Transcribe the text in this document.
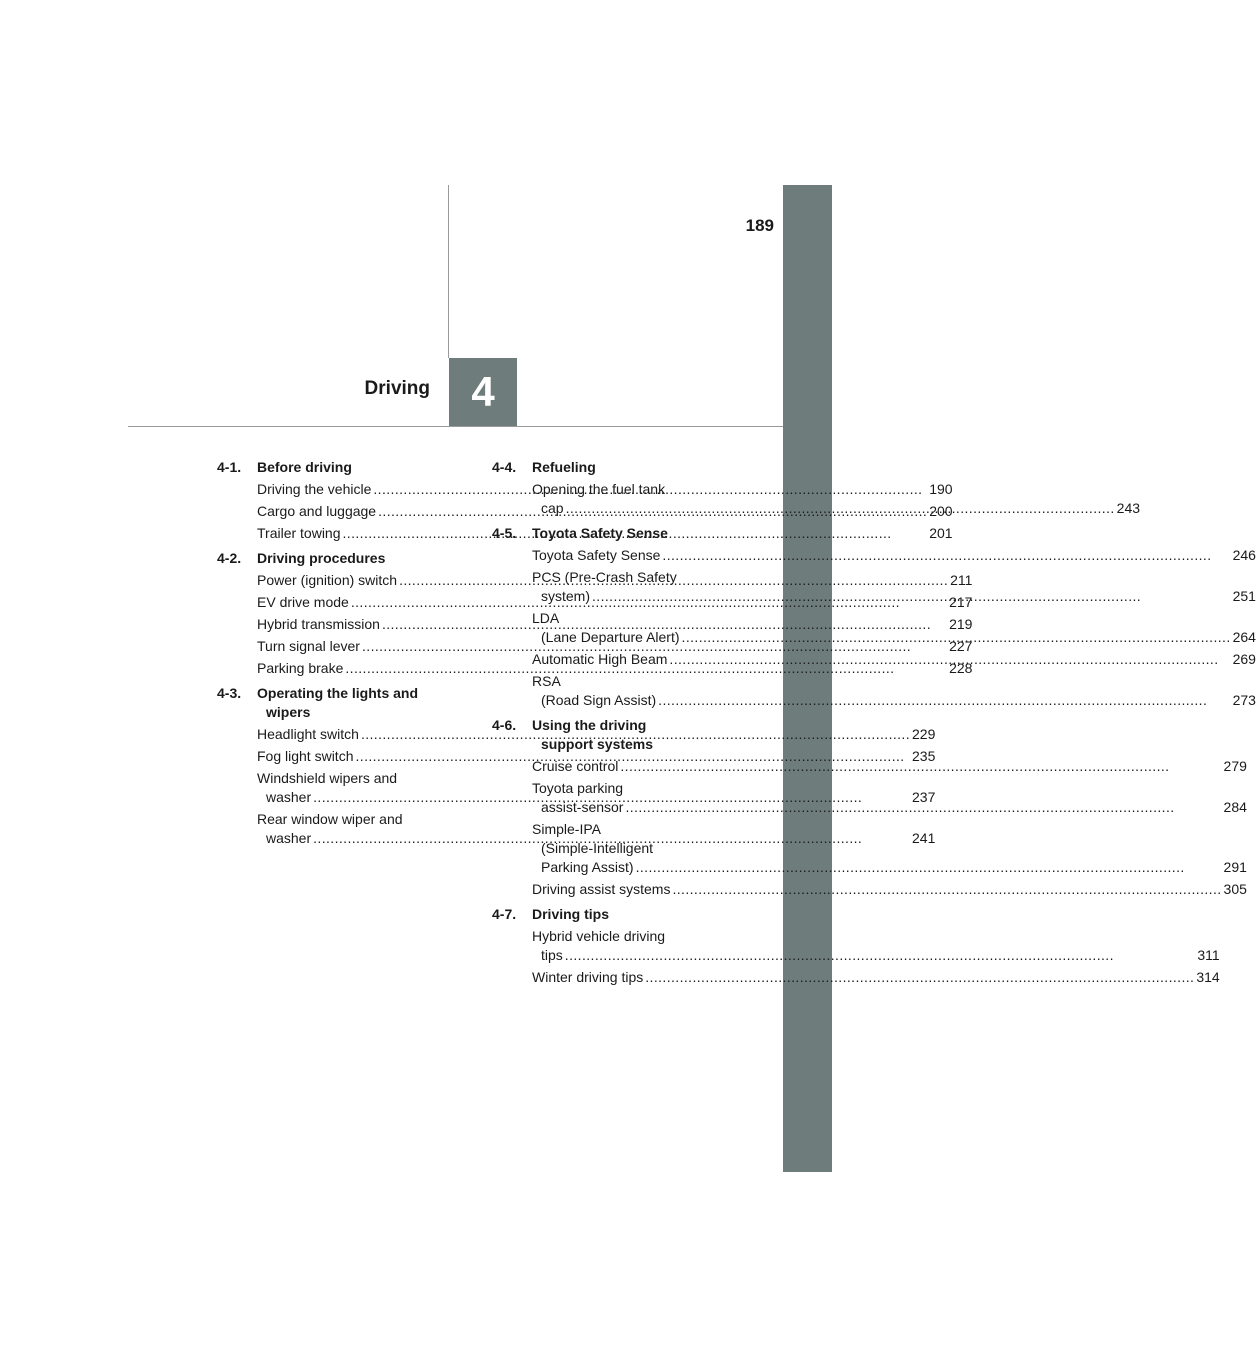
189
Driving 4
4-1.	Before driving
Driving the vehicle .....	190
Cargo and luggage .....	200
Trailer towing .....	201
4-2.	Driving procedures
Power (ignition) switch .....	211
EV drive mode .....	217
Hybrid transmission .....	219
Turn signal lever .....	227
Parking brake .....	228
4-3.	Operating the lights and
wipers
Headlight switch .....	229
Fog light switch .....	235
Windshield wipers and
washer .....	237
Rear window wiper and
washer .....	241
4-4.	Refueling
Opening the fuel tank
cap .....	243
4-5.	Toyota Safety Sense
Toyota Safety Sense .....	246
PCS (Pre-Crash Safety
system) .....	251
LDA
(Lane Departure Alert) .....	264
Automatic High Beam .....	269
RSA
(Road Sign Assist) .....	273
4-6.	Using the driving
support systems
Cruise control .....	279
Toyota parking
assist-sensor .....	284
Simple-IPA
(Simple-Intelligent
Parking Assist) .....	291
Driving assist systems .....	305
4-7.	Driving tips
Hybrid vehicle driving
tips .....	311
Winter driving tips .....	314
